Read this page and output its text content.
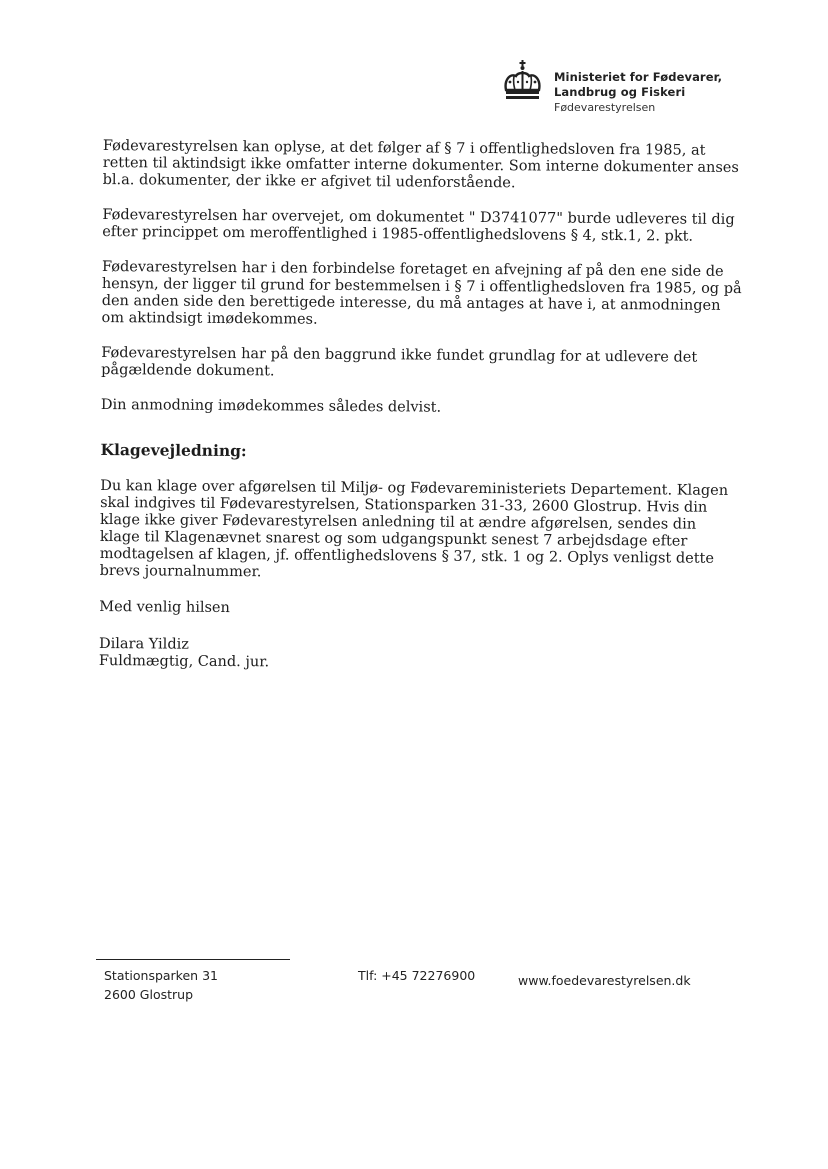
Ministeriet for Fødevarer,
Landbrug og Fiskeri
Fødevarestyrelsen

Fødevarestyrelsen kan oplyse, at det følger af § 7 i offentlighedsloven fra 1985, at retten til aktindsigt ikke omfatter interne dokumenter. Som interne dokumenter anses bl.a. dokumenter, der ikke er afgivet til udenforstående.

Fødevarestyrelsen har overvejet, om dokumentet " D3741077" burde udleveres til dig efter princippet om meroffentlighed i 1985-offentlighedslovens § 4, stk.1, 2. pkt.

Fødevarestyrelsen har i den forbindelse foretaget en afvejning af på den ene side de hensyn, der ligger til grund for bestemmelsen i § 7 i offentlighedsloven fra 1985, og på den anden side den berettigede interesse, du må antages at have i, at anmodningen om aktindsigt imødekommes.

Fødevarestyrelsen har på den baggrund ikke fundet grundlag for at udlevere det pågældende dokument.

Din anmodning imødekommes således delvist.

Klagevejledning:

Du kan klage over afgørelsen til Miljø- og Fødevareministeriets Departement. Klagen skal indgives til Fødevarestyrelsen, Stationsparken 31-33, 2600 Glostrup. Hvis din klage ikke giver Fødevarestyrelsen anledning til at ændre afgørelsen, sendes din klage til Klagenævnet snarest og som udgangspunkt senest 7 arbejdsdage efter modtagelsen af klagen, jf. offentlighedslovens § 37, stk. 1 og 2. Oplys venligst dette brevs journalnummer.

Med venlig hilsen

Dilara Yildiz

Fuldmægtig, Cand. jur.

Stationsparken 31
2600 Glostrup
Tlf: +45 72276900	www.foedevarestyrelsen.dk
